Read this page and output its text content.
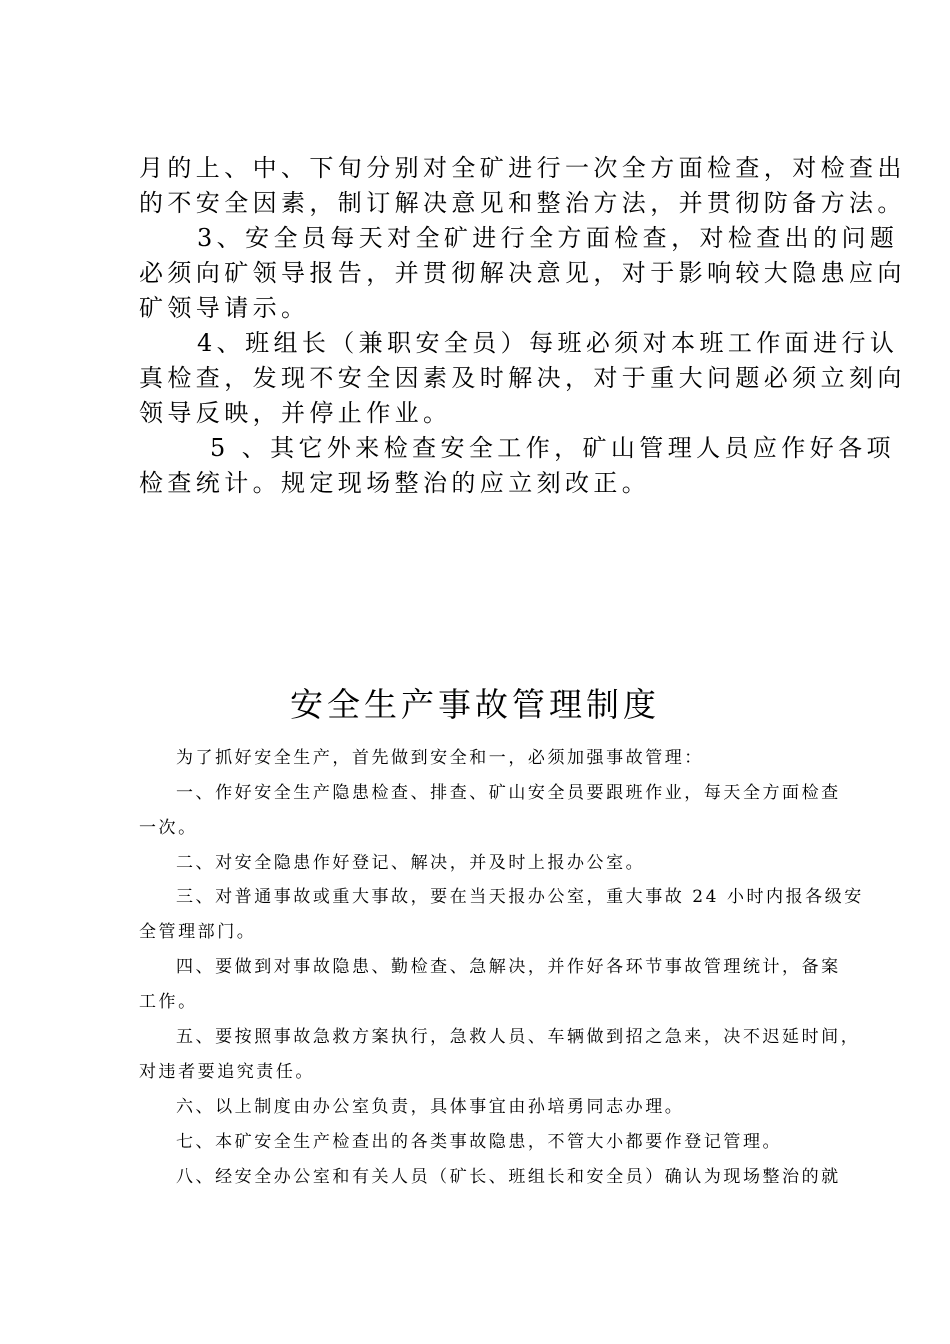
月的上、中、下旬分别对全矿进行一次全方面检查，对检查出

的不安全因素，制订解决意见和整治方法，并贯彻防备方法。

3、安全员每天对全矿进行全方面检查，对检查出的问题

必须向矿领导报告，并贯彻解决意见，对于影响较大隐患应向

矿领导请示。

4、班组长（兼职安全员）每班必须对本班工作面进行认

真检查，发现不安全因素及时解决，对于重大问题必须立刻向

领导反映，并停止作业。

5 、其它外来检查安全工作，矿山管理人员应作好各项

检查统计。规定现场整治的应立刻改正。

安全生产事故管理制度

为了抓好安全生产，首先做到安全和一，必须加强事故管理：

一、作好安全生产隐患检查、排查、矿山安全员要跟班作业，每天全方面检查

一次。

二、对安全隐患作好登记、解决，并及时上报办公室。

三、对普通事故或重大事故，要在当天报办公室，重大事故 24 小时内报各级安

全管理部门。

四、要做到对事故隐患、勤检查、急解决，并作好各环节事故管理统计，备案

工作。

五、要按照事故急救方案执行，急救人员、车辆做到招之急来，决不迟延时间，

对违者要追究责任。

六、以上制度由办公室负责，具体事宜由孙培勇同志办理。

七、本矿安全生产检查出的各类事故隐患，不管大小都要作登记管理。

八、经安全办公室和有关人员（矿长、班组长和安全员）确认为现场整治的就
